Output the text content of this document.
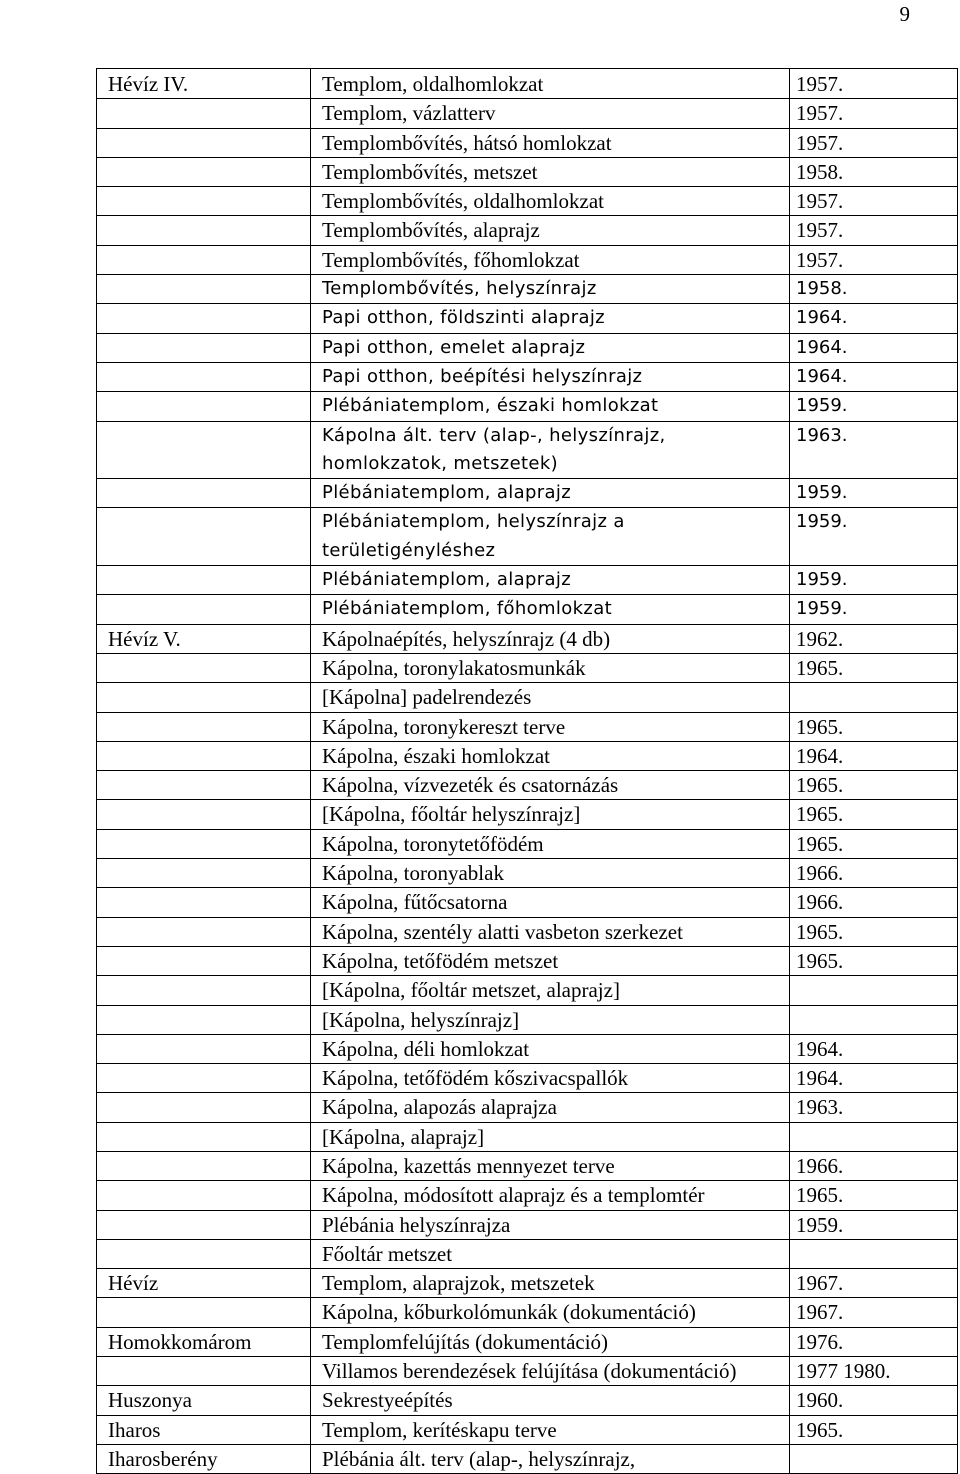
9
Hévíz IV.	Templom, oldalhomlokzat	1957.
	Templom, vázlatterv	1957.
	Templombővítés, hátsó homlokzat	1957.
	Templombővítés, metszet	1958.
	Templombővítés, oldalhomlokzat	1957.
	Templombővítés, alaprajz	1957.
	Templombővítés, főhomlokzat	1957.
	Templombővítés, helyszínrajz	1958.
	Papi otthon, földszinti alaprajz	1964.
	Papi otthon, emelet alaprajz	1964.
	Papi otthon, beépítési helyszínrajz	1964.
	Plébániatemplom, északi homlokzat	1959.
	Kápolna ált. terv (alap-, helyszínrajz, homlokzatok, metszetek)	1963.
	Plébániatemplom, alaprajz	1959.
	Plébániatemplom, helyszínrajz a területigényléshez	1959.
	Plébániatemplom, alaprajz	1959.
	Plébániatemplom, főhomlokzat	1959.
Hévíz V.	Kápolnaépítés, helyszínrajz (4 db)	1962.
	Kápolna, toronylakatosmunkák	1965.
	[Kápolna] padelrendezés	
	Kápolna, toronykereszt terve	1965.
	Kápolna, északi homlokzat	1964.
	Kápolna, vízvezeték és csatornázás	1965.
	[Kápolna, főoltár helyszínrajz]	1965.
	Kápolna, toronytetőfödém	1965.
	Kápolna, toronyablak	1966.
	Kápolna, fűtőcsatorna	1966.
	Kápolna, szentély alatti vasbeton szerkezet	1965.
	Kápolna, tetőfödém metszet	1965.
	[Kápolna, főoltár metszet, alaprajz]	
	[Kápolna, helyszínrajz]	
	Kápolna, déli homlokzat	1964.
	Kápolna, tetőfödém kőszivacspallók	1964.
	Kápolna, alapozás alaprajza	1963.
	[Kápolna, alaprajz]	
	Kápolna, kazettás mennyezet terve	1966.
	Kápolna, módosított alaprajz és a templomtér	1965.
	Plébánia helyszínrajza	1959.
	Főoltár metszet	
Hévíz	Templom, alaprajzok, metszetek	1967.
	Kápolna, kőburkolómunkák (dokumentáció)	1967.
Homokkomárom	Templomfelújítás (dokumentáció)	1976.
	Villamos berendezések felújítása (dokumentáció)	1977 1980.
Huszonya	Sekrestyeépítés	1960.
Iharos	Templom, kerítéskapu terve	1965.
Iharosberény	Plébánia ált. terv (alap-, helyszínrajz,	
